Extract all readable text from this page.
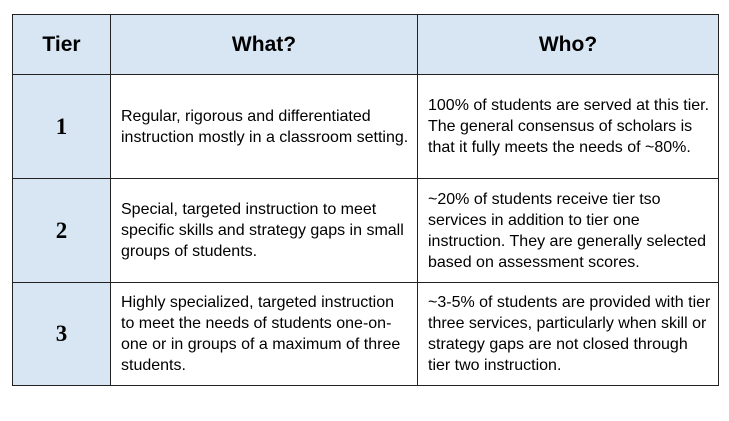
Tier	What?	Who?
1	Regular, rigorous and differentiated instruction mostly in a classroom setting.	100% of students are served at this tier. The general consensus of scholars is that it fully meets the needs of ~80%.
2	Special, targeted instruction to meet specific skills and strategy gaps in small groups of students.	~20% of students receive tier tso services in addition to tier one instruction. They are generally selected based on assessment scores.
3	Highly specialized, targeted instruction to meet the needs of students one-on-one or in groups of a maximum of three students.	~3-5% of students are provided with tier three services, particularly when skill or strategy gaps are not closed through tier two instruction.
